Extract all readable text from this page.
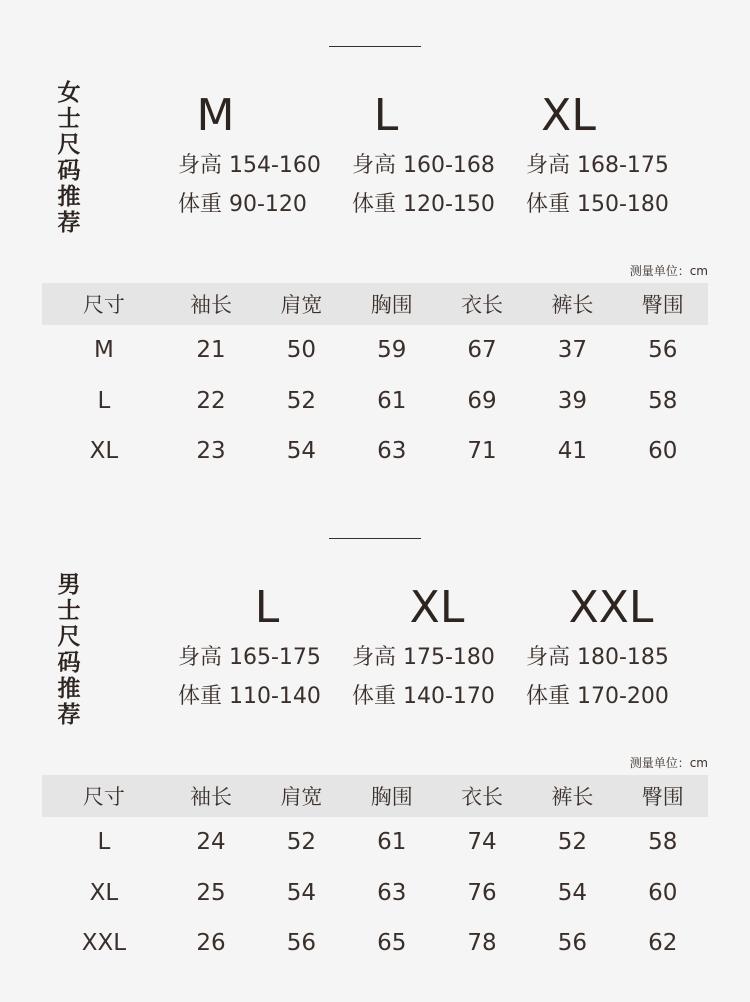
女
士
尺
码
推
荐
M
身高 154-160
体重 90-120
L
身高 160-168
体重 120-150
XL
身高 168-175
体重 150-180
测量单位：cm
尺寸	袖长	肩宽	胸围	衣长	裤长	臀围
M	21	50	59	67	37	56
L	22	52	61	69	39	58
XL	23	54	63	71	41	60
男
士
尺
码
推
荐
L
身高 165-175
体重 110-140
XL
身高 175-180
体重 140-170
XXL
身高 180-185
体重 170-200
测量单位：cm
尺寸	袖长	肩宽	胸围	衣长	裤长	臀围
L	24	52	61	74	52	58
XL	25	54	63	76	54	60
XXL	26	56	65	78	56	62
